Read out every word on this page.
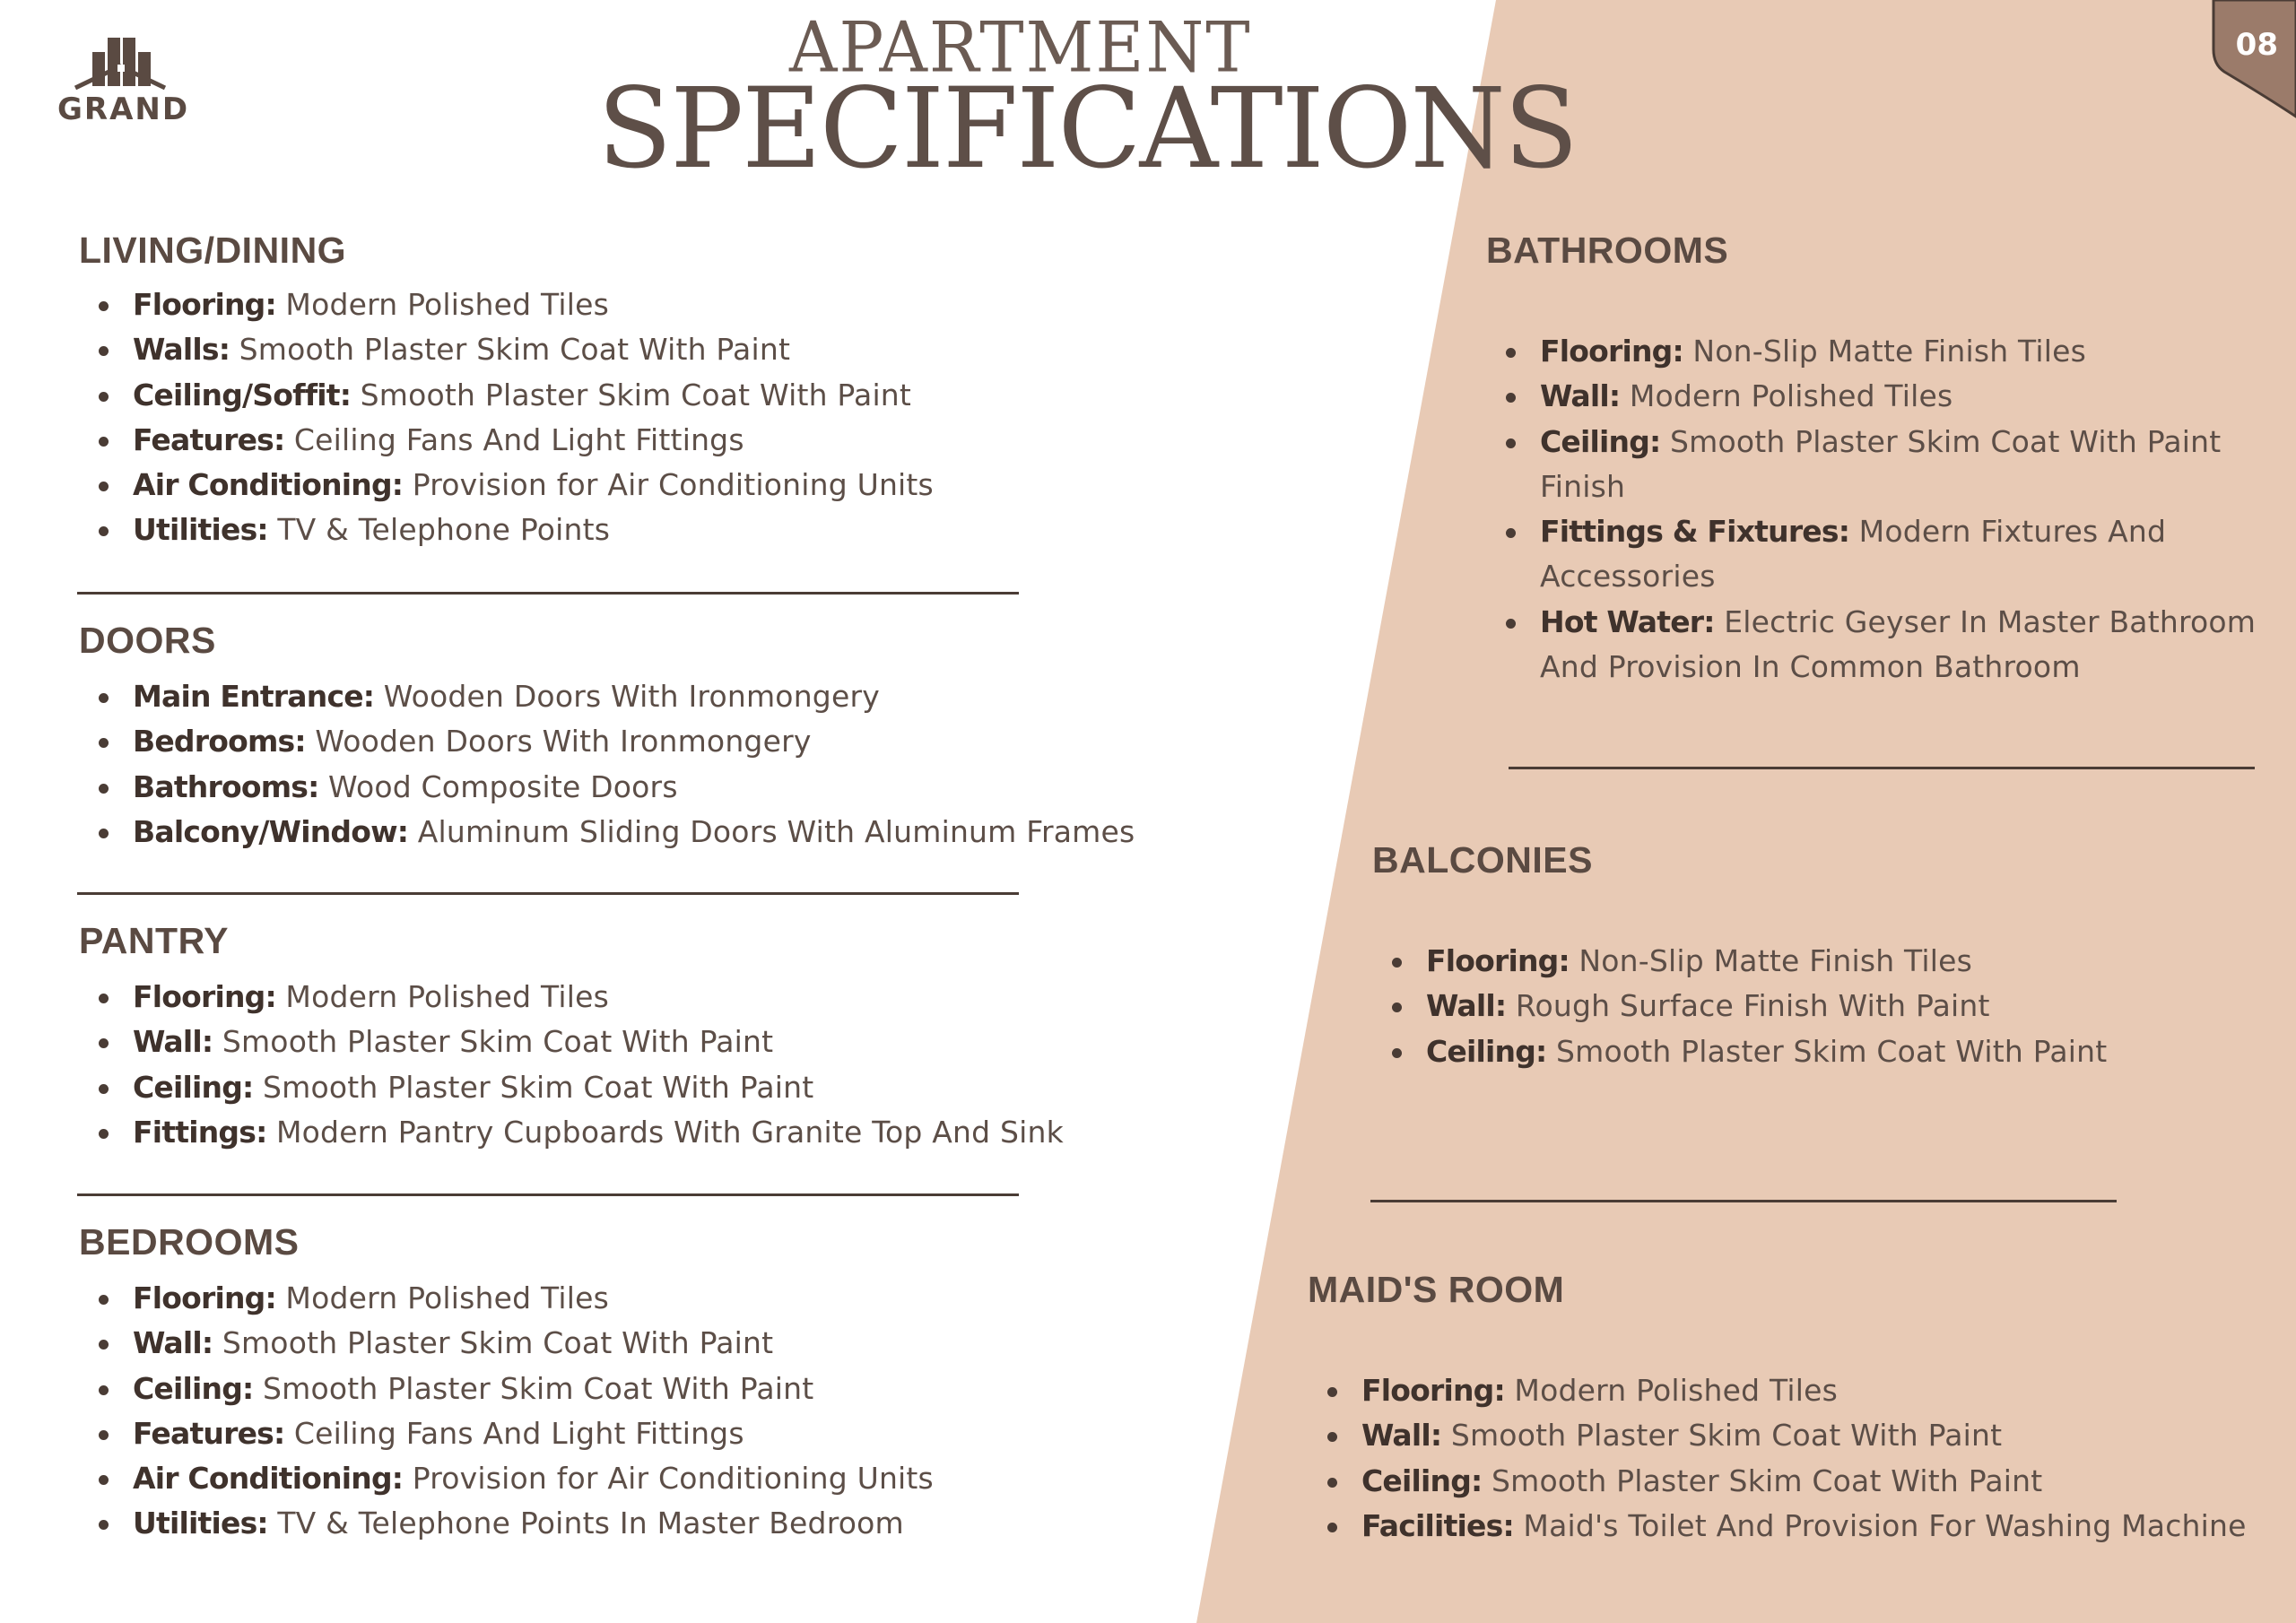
GRAND
08
APARTMENT
SPECIFICATIONS
LIVING/DINING
Flooring: Modern Polished Tiles
Walls: Smooth Plaster Skim Coat With Paint
Ceiling/Soffit: Smooth Plaster Skim Coat With Paint
Features: Ceiling Fans And Light Fittings
Air Conditioning: Provision for Air Conditioning Units
Utilities: TV & Telephone Points
DOORS
Main Entrance: Wooden Doors With Ironmongery
Bedrooms: Wooden Doors With Ironmongery
Bathrooms: Wood Composite Doors
Balcony/Window: Aluminum Sliding Doors With Aluminum Frames
PANTRY
Flooring: Modern Polished Tiles
Wall: Smooth Plaster Skim Coat With Paint
Ceiling: Smooth Plaster Skim Coat With Paint
Fittings: Modern Pantry Cupboards With Granite Top And Sink
BEDROOMS
Flooring: Modern Polished Tiles
Wall: Smooth Plaster Skim Coat With Paint
Ceiling: Smooth Plaster Skim Coat With Paint
Features: Ceiling Fans And Light Fittings
Air Conditioning: Provision for Air Conditioning Units
Utilities: TV & Telephone Points In Master Bedroom
BATHROOMS
Flooring: Non-Slip Matte Finish Tiles
Wall: Modern Polished Tiles
Ceiling: Smooth Plaster Skim Coat With Paint Finish
Fittings & Fixtures: Modern Fixtures And Accessories
Hot Water: Electric Geyser In Master Bathroom And Provision In Common Bathroom
BALCONIES
Flooring: Non-Slip Matte Finish Tiles
Wall: Rough Surface Finish With Paint
Ceiling: Smooth Plaster Skim Coat With Paint
MAID'S ROOM
Flooring: Modern Polished Tiles
Wall: Smooth Plaster Skim Coat With Paint
Ceiling: Smooth Plaster Skim Coat With Paint
Facilities: Maid's Toilet And Provision For Washing Machine
